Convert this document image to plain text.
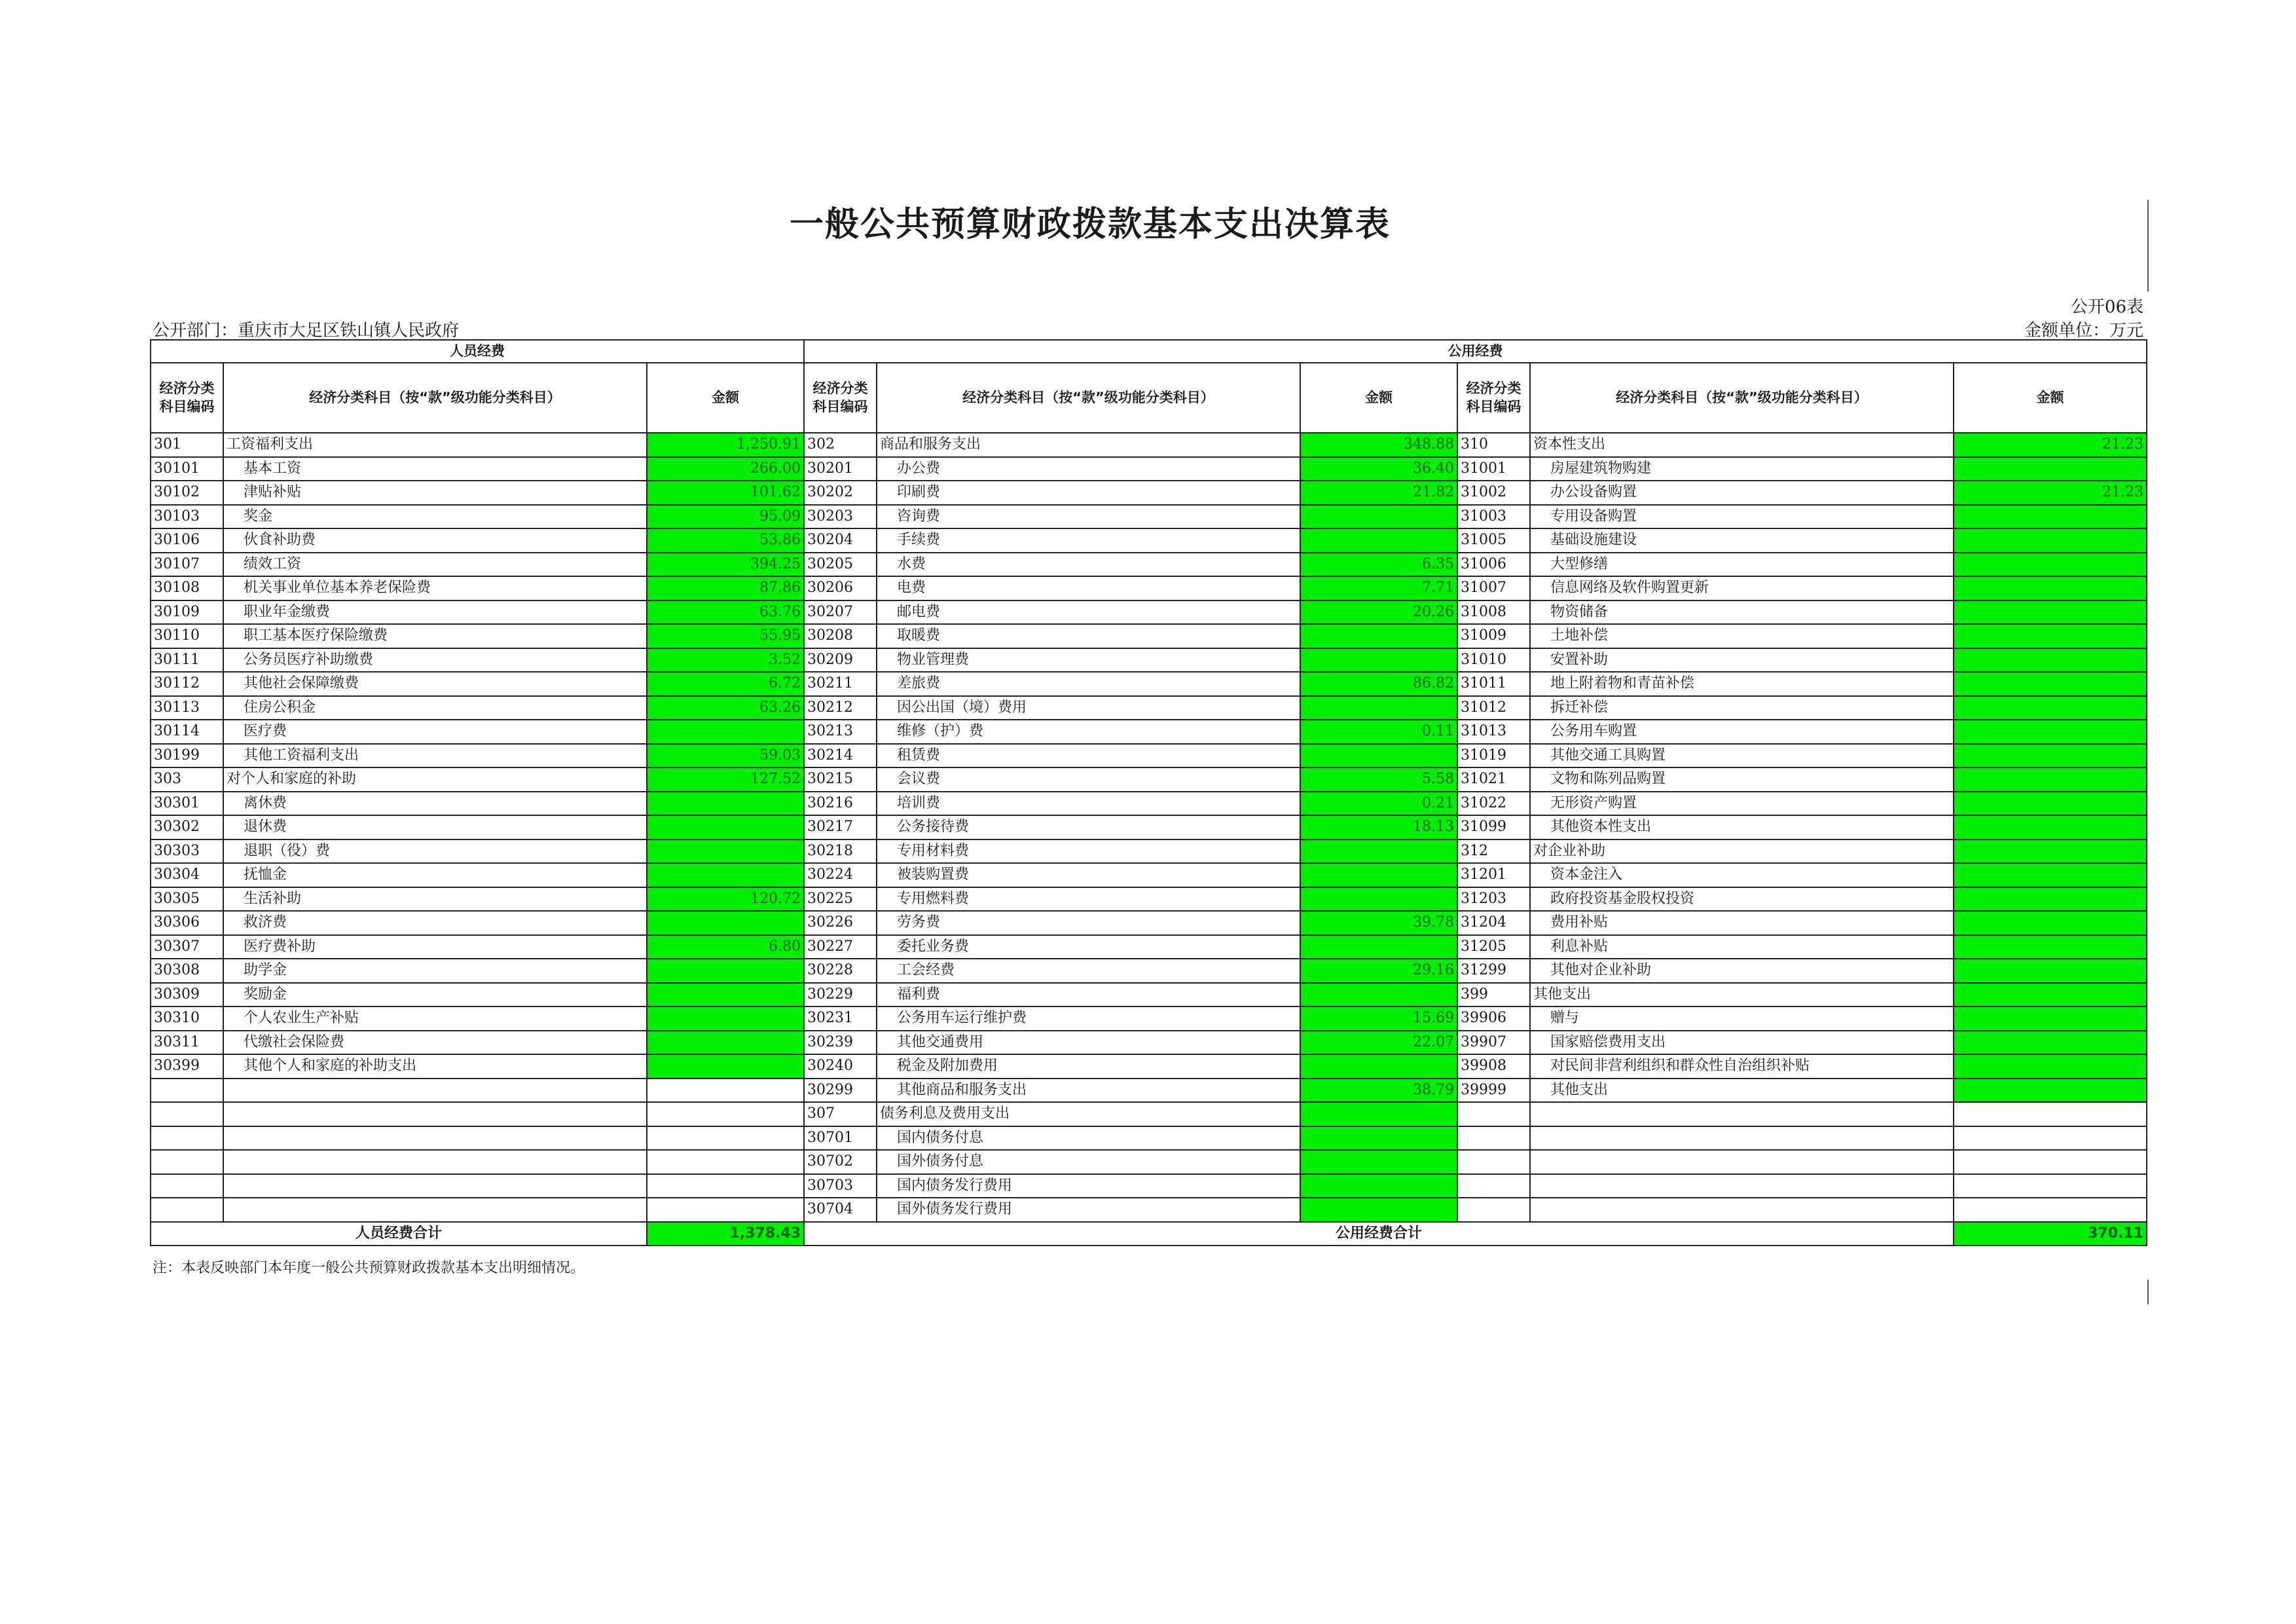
一般公共预算财政拨款基本支出决算表
公开06表
公开部门：重庆市大足区铁山镇人民政府	金额单位：万元
人员经费			公用经费					
经济分类科目编码	经济分类科目（按“款”级功能分类科目）	金额	经济分类科目编码	经济分类科目（按“款”级功能分类科目）	金额	经济分类科目编码	经济分类科目（按“款”级功能分类科目）	金额
301	工资福利支出	1,250.91	302	商品和服务支出	348.88	310	资本性支出	21.23
30101	基本工资	266.00	30201	办公费	36.40	31001	房屋建筑物购建	
30102	津贴补贴	101.62	30202	印刷费	21.82	31002	办公设备购置	21.23
30103	奖金	95.09	30203	咨询费		31003	专用设备购置	
30106	伙食补助费	53.86	30204	手续费		31005	基础设施建设	
30107	绩效工资	394.25	30205	水费	6.35	31006	大型修缮	
30108	机关事业单位基本养老保险费	87.86	30206	电费	7.71	31007	信息网络及软件购置更新	
30109	职业年金缴费	63.76	30207	邮电费	20.26	31008	物资储备	
30110	职工基本医疗保险缴费	55.95	30208	取暖费		31009	土地补偿	
30111	公务员医疗补助缴费	3.52	30209	物业管理费		31010	安置补助	
30112	其他社会保障缴费	6.72	30211	差旅费	86.82	31011	地上附着物和青苗补偿	
30113	住房公积金	63.26	30212	因公出国（境）费用		31012	拆迁补偿	
30114	医疗费		30213	维修（护）费	0.11	31013	公务用车购置	
30199	其他工资福利支出	59.03	30214	租赁费		31019	其他交通工具购置	
303	对个人和家庭的补助	127.52	30215	会议费	5.58	31021	文物和陈列品购置	
30301	离休费		30216	培训费	0.21	31022	无形资产购置	
30302	退休费		30217	公务接待费	18.13	31099	其他资本性支出	
30303	退职（役）费		30218	专用材料费		312	对企业补助	
30304	抚恤金		30224	被装购置费		31201	资本金注入	
30305	生活补助	120.72	30225	专用燃料费		31203	政府投资基金股权投资	
30306	救济费		30226	劳务费	39.78	31204	费用补贴	
30307	医疗费补助	6.80	30227	委托业务费		31205	利息补贴	
30308	助学金		30228	工会经费	29.16	31299	其他对企业补助	
30309	奖励金		30229	福利费		399	其他支出	
30310	个人农业生产补贴		30231	公务用车运行维护费	15.69	39906	赠与	
30311	代缴社会保险费		30239	其他交通费用	22.07	39907	国家赔偿费用支出	
30399	其他个人和家庭的补助支出		30240	税金及附加费用		39908	对民间非营利组织和群众性自治组织补贴	
			30299	其他商品和服务支出	38.79	39999	其他支出	
			307	债务利息及费用支出				
			30701	国内债务付息				
			30702	国外债务付息				
			30703	国内债务发行费用				
			30704	国外债务发行费用				
人员经费合计		1,378.43	公用经费合计					370.11
注：本表反映部门本年度一般公共预算财政拨款基本支出明细情况。
